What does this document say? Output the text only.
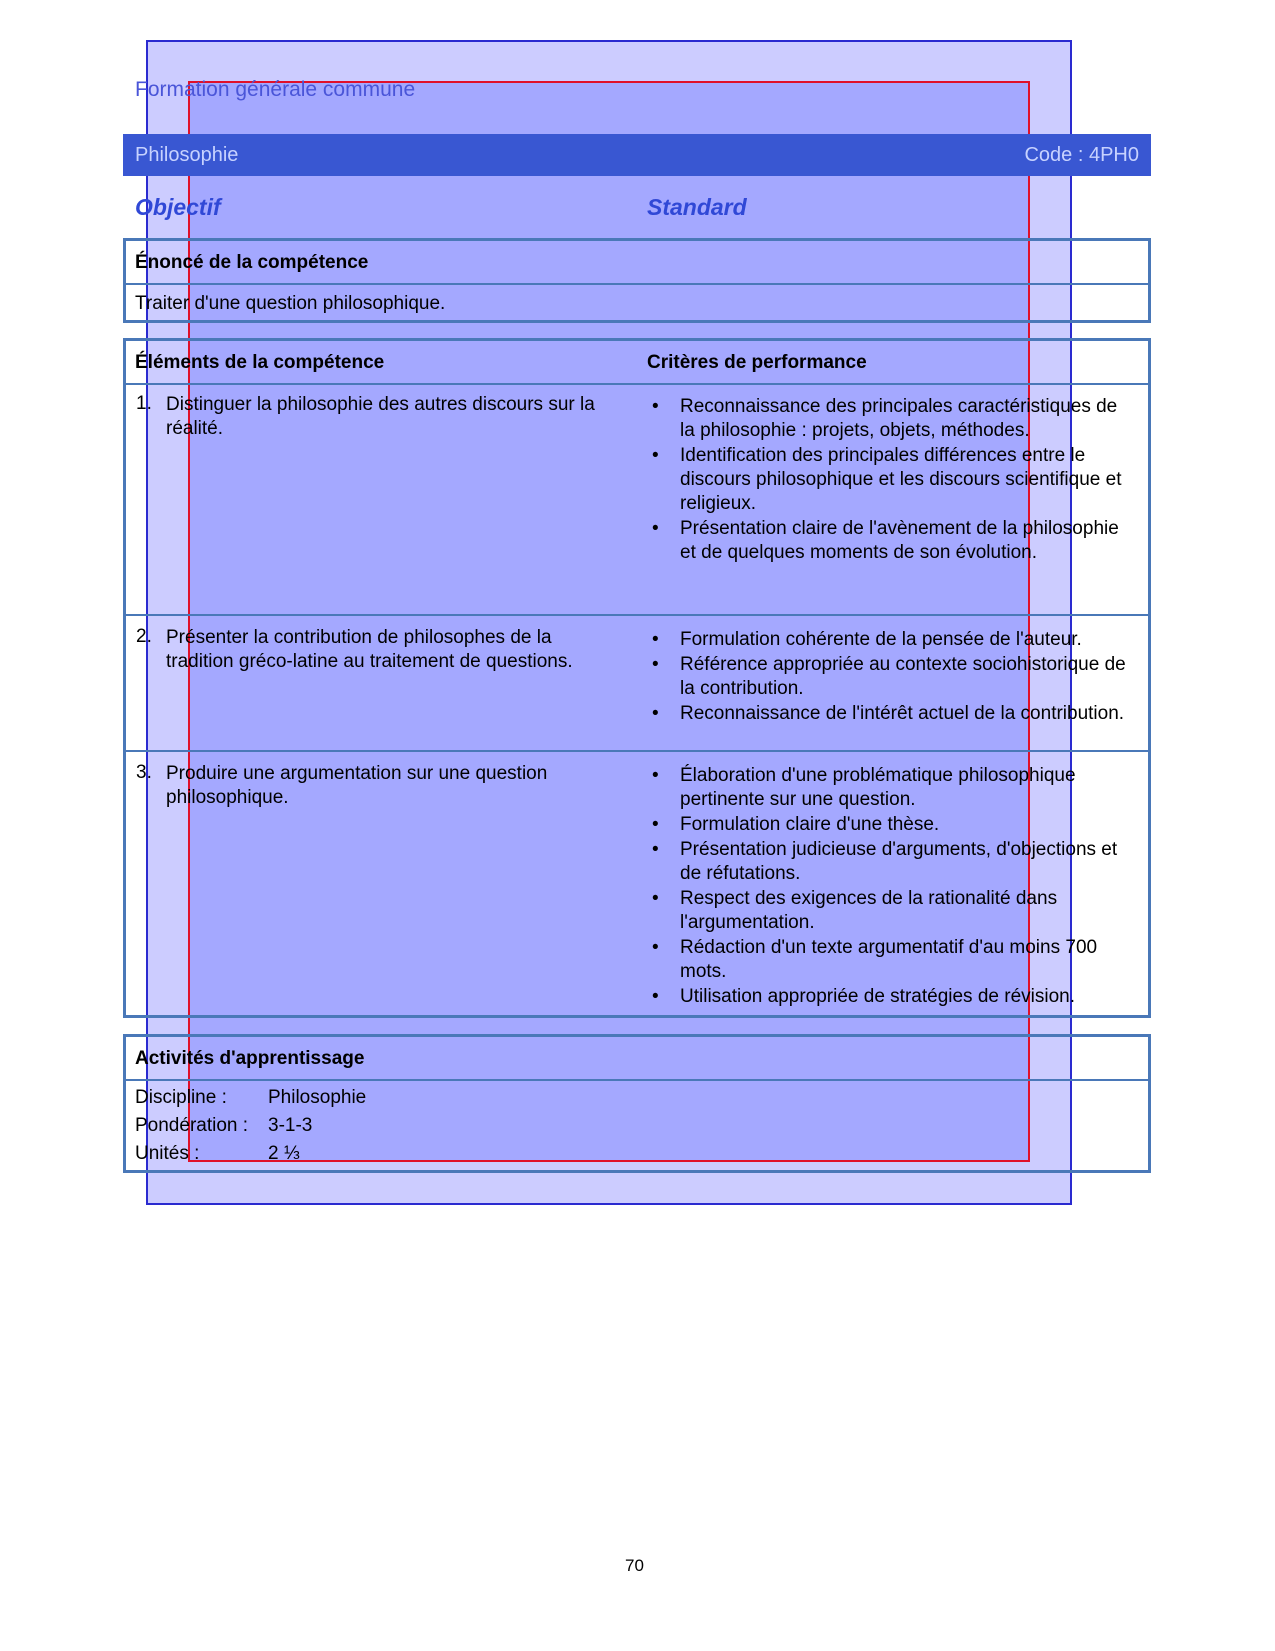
Formation générale commune
Philosophie	Code : 4PH0
Objectif	Standard
Énoncé de la compétence
Traiter d'une question philosophique.
Éléments de la compétence	Critères de performance
1. Distinguer la philosophie des autres discours sur la réalité.
• Reconnaissance des principales caractéristiques de la philosophie : projets, objets, méthodes.
• Identification des principales différences entre le discours philosophique et les discours scientifique et religieux.
• Présentation claire de l'avènement de la philosophie et de quelques moments de son évolution.
2. Présenter la contribution de philosophes de la tradition gréco-latine au traitement de questions.
• Formulation cohérente de la pensée de l'auteur.
• Référence appropriée au contexte sociohistorique de la contribution.
• Reconnaissance de l'intérêt actuel de la contribution.
3. Produire une argumentation sur une question philosophique.
• Élaboration d'une problématique philosophique pertinente sur une question.
• Formulation claire d'une thèse.
• Présentation judicieuse d'arguments, d'objections et de réfutations.
• Respect des exigences de la rationalité dans l'argumentation.
• Rédaction d'un texte argumentatif d'au moins 700 mots.
• Utilisation appropriée de stratégies de révision.
Activités d'apprentissage
Discipline : Philosophie
Pondération : 3-1-3
Unités :	2 ⅓
70
